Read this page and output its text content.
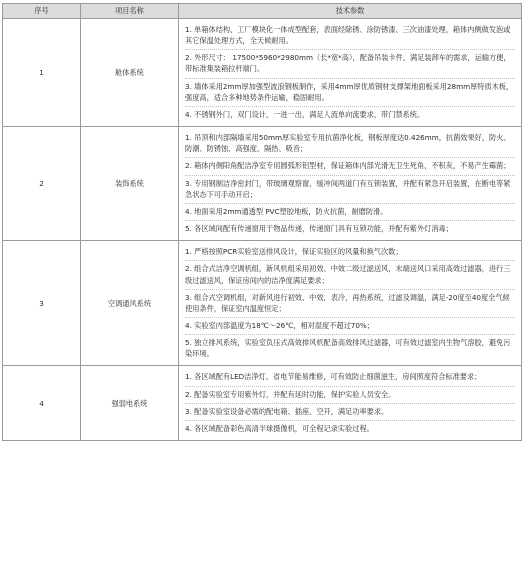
序号	项目名称	技术参数
1	舱体系统	1. 单箱体结构，工厂模块化一体成型配套，表面经除锈、涂防锈漆、三次油漆处理，箱体内侧做发泡或其它保温处理方式，全天候耐用。

2. 外形尺寸： 17500*5960*2980mm（长*宽*高），配备吊装卡件，满足装卸车的需求，运输方便，带标准集装箱拉杆端门。

3. 墙体采用2mm厚加强型波浪钢板制作，采用4mm厚优质钢材支撑架地面板采用28mm厚特质木板，强度高，适合多种地势条件运输，稳固耐用。

4. 不锈钢外门，双门设计，一进一出，满足人流单向流要求，带门禁系统。

2	装饰系统	1. 吊顶和内部隔墙采用50mm厚实验室专用抗菌净化板，钢板厚度达0.426mm，抗菌效果好，防火、防潮、防锈蚀、高强度、隔热、吸音；

2. 箱体内侧阳角配洁净室专用圆弧形铝型材，保证箱体内部光滑无卫生死角，不积灰，不易产生霉菌；

3. 专用钢制洁净密封门，带玻璃观察窗，缓冲间两道门有互锁装置，并配有紧急开启装置，在断电等紧急状态下可手动开启；

4. 地面采用2mm通透型 PVC塑胶地板，防火抗菌，耐磨防滑。

5. 各区域间配有传递窗用于物品传递，传递窗门具有互锁功能，并配有紫外灯消毒；

3	空调通风系统	1. 严格按照PCR实验室送排风设计，保证实验区的风量和换气次数；

2. 组合式洁净空调机组，新风机组采用初效、中效二级过滤送风，末端送风口采用高效过滤器，进行三级过滤送风，保证房间内的洁净度满足要求；

3. 组合式空调机组，对新风进行初效、中效，表冷，再热系统，过滤及调温，满足-20度至40度全气候使用条件，保证室内温度恒定；

4. 实验室内部温度为18℃～26℃，相对湿度不超过70%；

5. 独立排风系统，实验室负压式高效排风机配备高效排风过滤器，可有效过滤室内生物气溶胶，避免污染环境。

4	强弱电系统	1. 各区域配有LED洁净灯，省电节能易维修，可有效防止细菌滋生，房间照度符合标准要求；

2. 配备实验室专用紫外灯，并配有延时功能，保护实验人员安全。

3. 配备实验室设备必需的配电箱、插座、空开，满足功率要求。

4. 各区域配备彩色高清半球摄像机，可全程记录实验过程。
